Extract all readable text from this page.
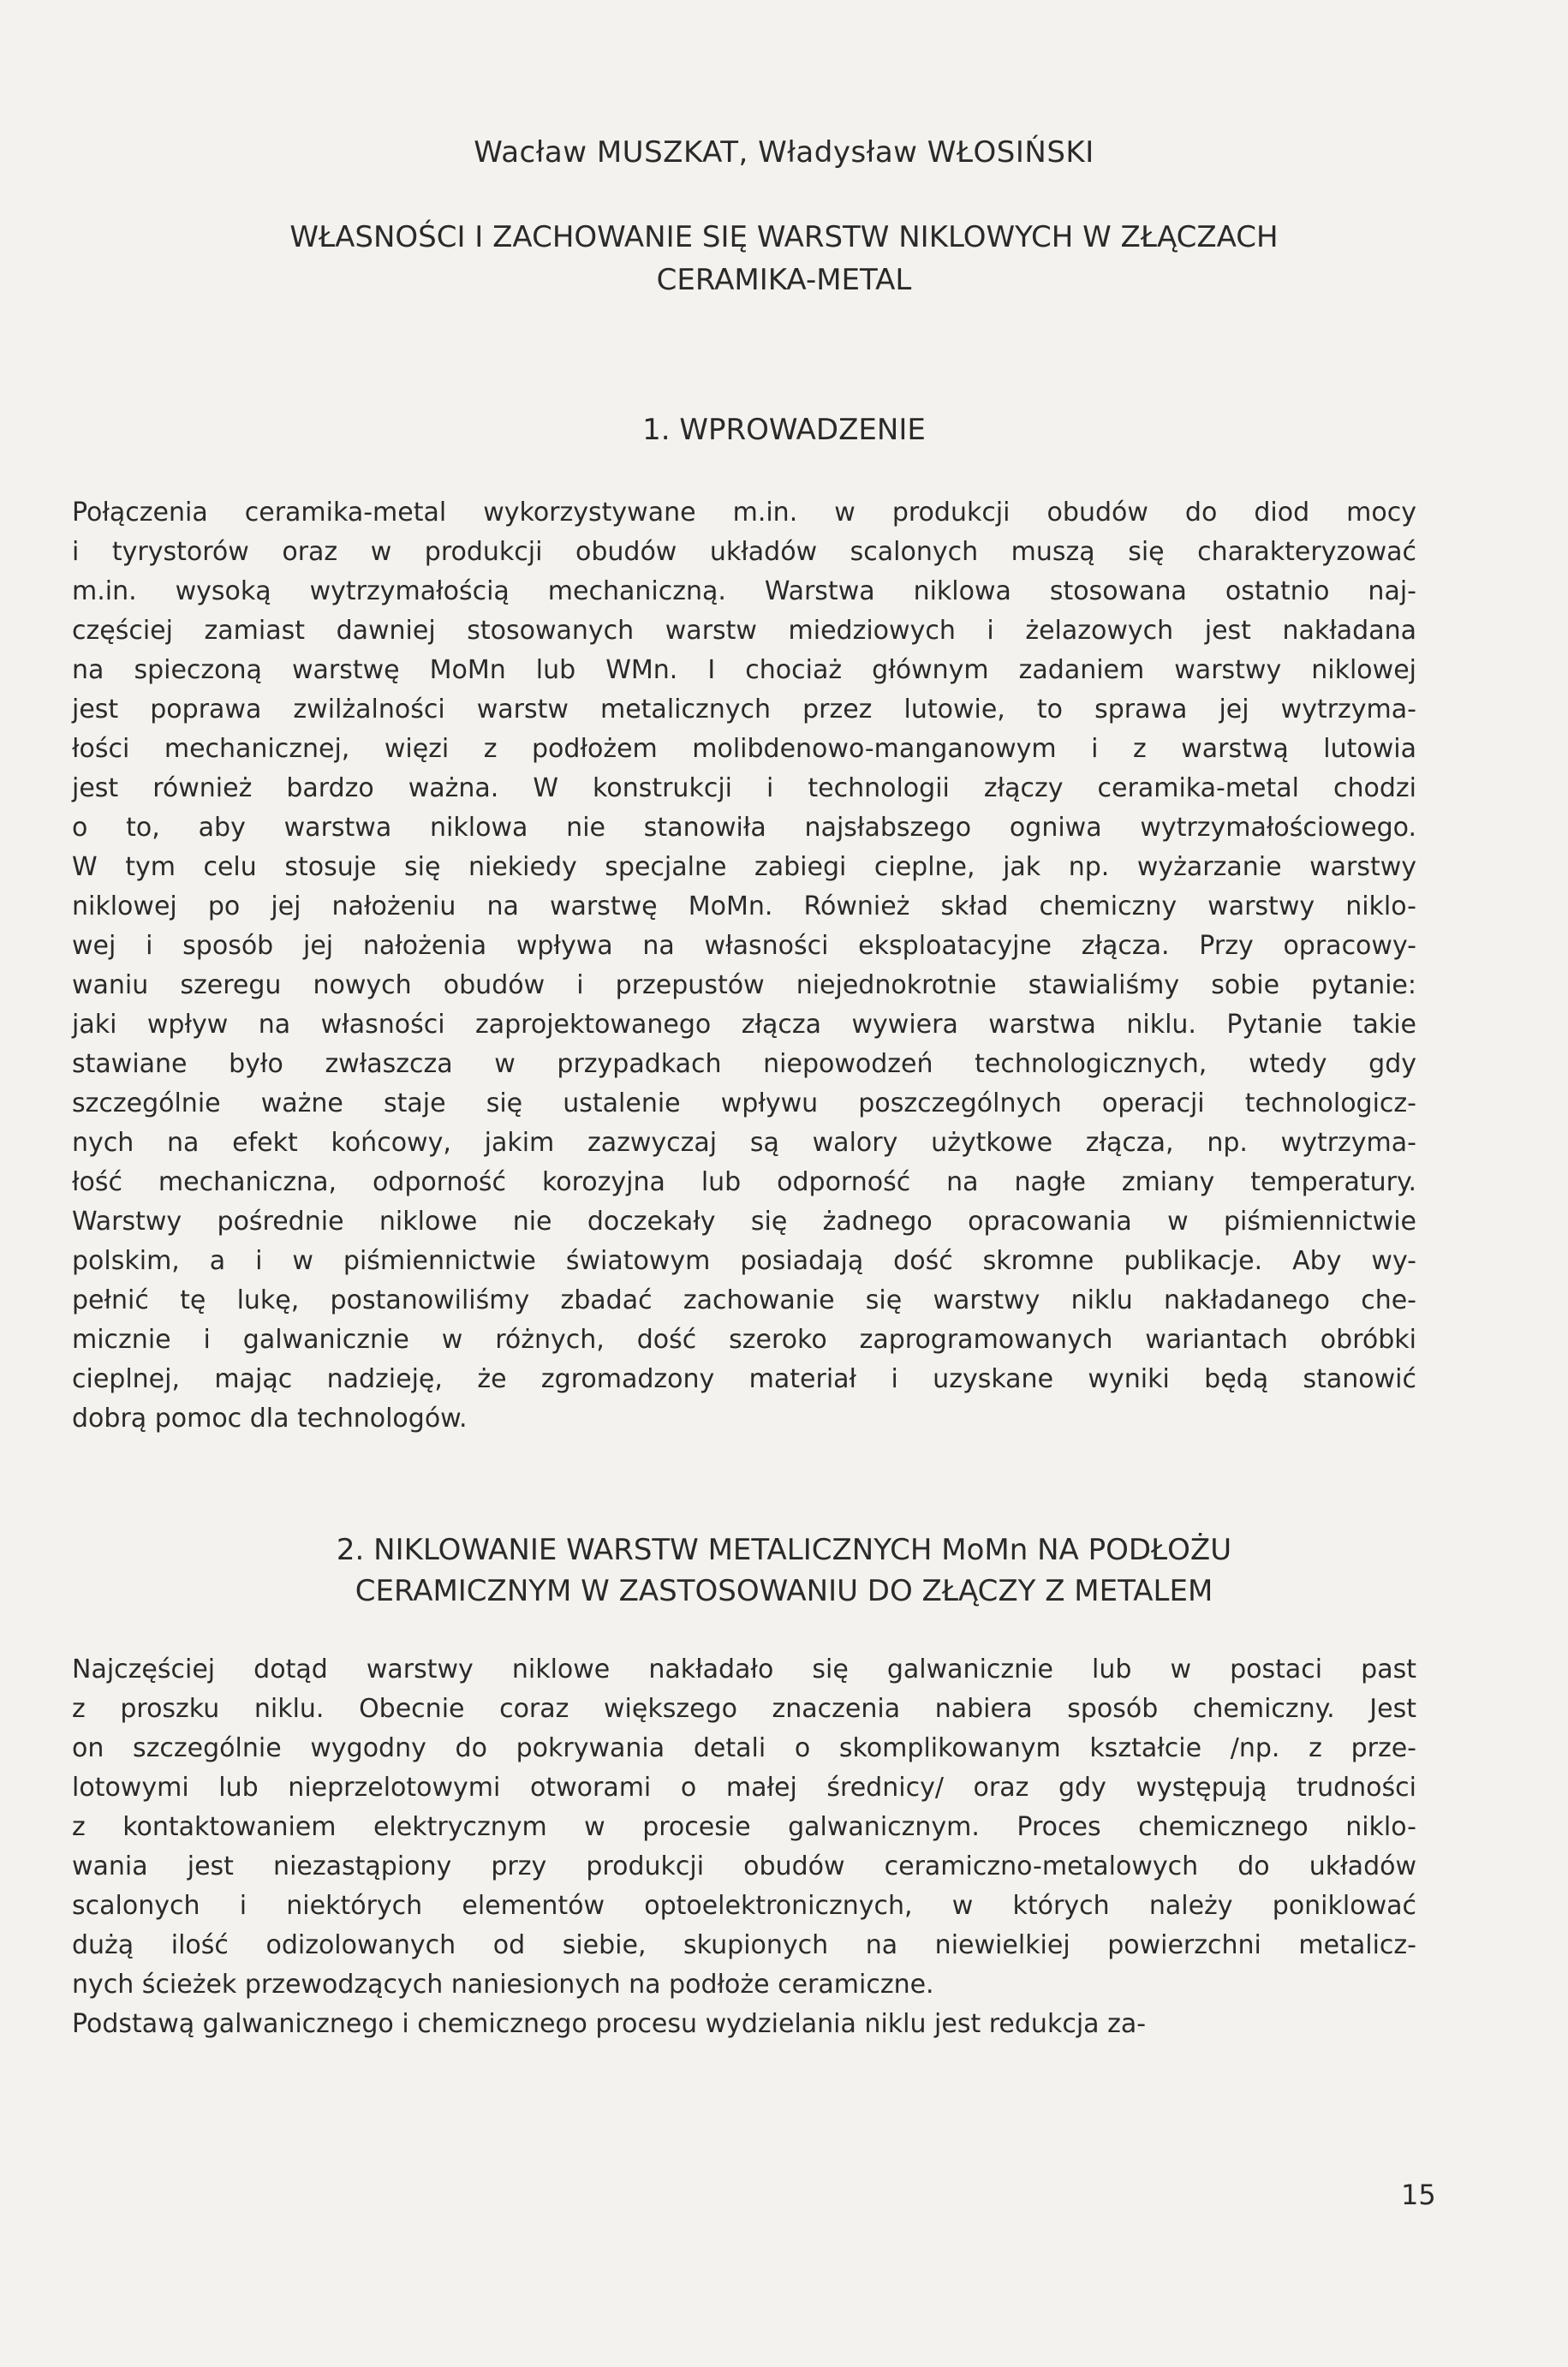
Wacław MUSZKAT, Władysław WŁOSIŃSKI
WŁASNOŚCI I ZACHOWANIE SIĘ WARSTW NIKLOWYCH W ZŁĄCZACH
CERAMIKA-METAL
1. WPROWADZENIE
Połączenia ceramika-metal wykorzystywane m.in. w produkcji obudów do diod mocy
i tyrystorów oraz w produkcji obudów układów scalonych muszą się charakteryzować
m.in. wysoką wytrzymałością mechaniczną. Warstwa niklowa stosowana ostatnio naj-
częściej zamiast dawniej stosowanych warstw miedziowych i żelazowych jest nakładana
na spieczoną warstwę MoMn lub WMn. I chociaż głównym zadaniem warstwy niklowej
jest poprawa zwilżalności warstw metalicznych przez lutowie, to sprawa jej wytrzyma-
łości mechanicznej, więzi z podłożem molibdenowo-manganowym i z warstwą lutowia
jest również bardzo ważna. W konstrukcji i technologii złączy ceramika-metal chodzi
o to, aby warstwa niklowa nie stanowiła najsłabszego ogniwa wytrzymałościowego.
W tym celu stosuje się niekiedy specjalne zabiegi cieplne, jak np. wyżarzanie warstwy
niklowej po jej nałożeniu na warstwę MoMn. Również skład chemiczny warstwy niklo-
wej i sposób jej nałożenia wpływa na własności eksploatacyjne złącza. Przy opracowy-
waniu szeregu nowych obudów i przepustów niejednokrotnie stawialiśmy sobie pytanie:
jaki wpływ na własności zaprojektowanego złącza wywiera warstwa niklu. Pytanie takie
stawiane było zwłaszcza w przypadkach niepowodzeń technologicznych, wtedy gdy
szczególnie ważne staje się ustalenie wpływu poszczególnych operacji technologicz-
nych na efekt końcowy, jakim zazwyczaj są walory użytkowe złącza, np. wytrzyma-
łość mechaniczna, odporność korozyjna lub odporność na nagłe zmiany temperatury.
Warstwy pośrednie niklowe nie doczekały się żadnego opracowania w piśmiennictwie
polskim, a i w piśmiennictwie światowym posiadają dość skromne publikacje. Aby wy-
pełnić tę lukę, postanowiliśmy zbadać zachowanie się warstwy niklu nakładanego che-
micznie i galwanicznie w różnych, dość szeroko zaprogramowanych wariantach obróbki
cieplnej, mając nadzieję, że zgromadzony materiał i uzyskane wyniki będą stanowić
dobrą pomoc dla technologów.
2. NIKLOWANIE WARSTW METALICZNYCH MoMn NA PODŁOŻU
CERAMICZNYM W ZASTOSOWANIU DO ZŁĄCZY Z METALEM
Najczęściej dotąd warstwy niklowe nakładało się galwanicznie lub w postaci past
z proszku niklu. Obecnie coraz większego znaczenia nabiera sposób chemiczny. Jest
on szczególnie wygodny do pokrywania detali o skomplikowanym kształcie /np. z prze-
lotowymi lub nieprzelotowymi otworami o małej średnicy/ oraz gdy występują trudności
z kontaktowaniem elektrycznym w procesie galwanicznym. Proces chemicznego niklo-
wania jest niezastąpiony przy produkcji obudów ceramiczno-metalowych do układów
scalonych i niektórych elementów optoelektronicznych, w których należy poniklować
dużą ilość odizolowanych od siebie, skupionych na niewielkiej powierzchni metalicz-
nych ścieżek przewodzących naniesionych na podłoże ceramiczne.
Podstawą galwanicznego i chemicznego procesu wydzielania niklu jest redukcja za-
15
